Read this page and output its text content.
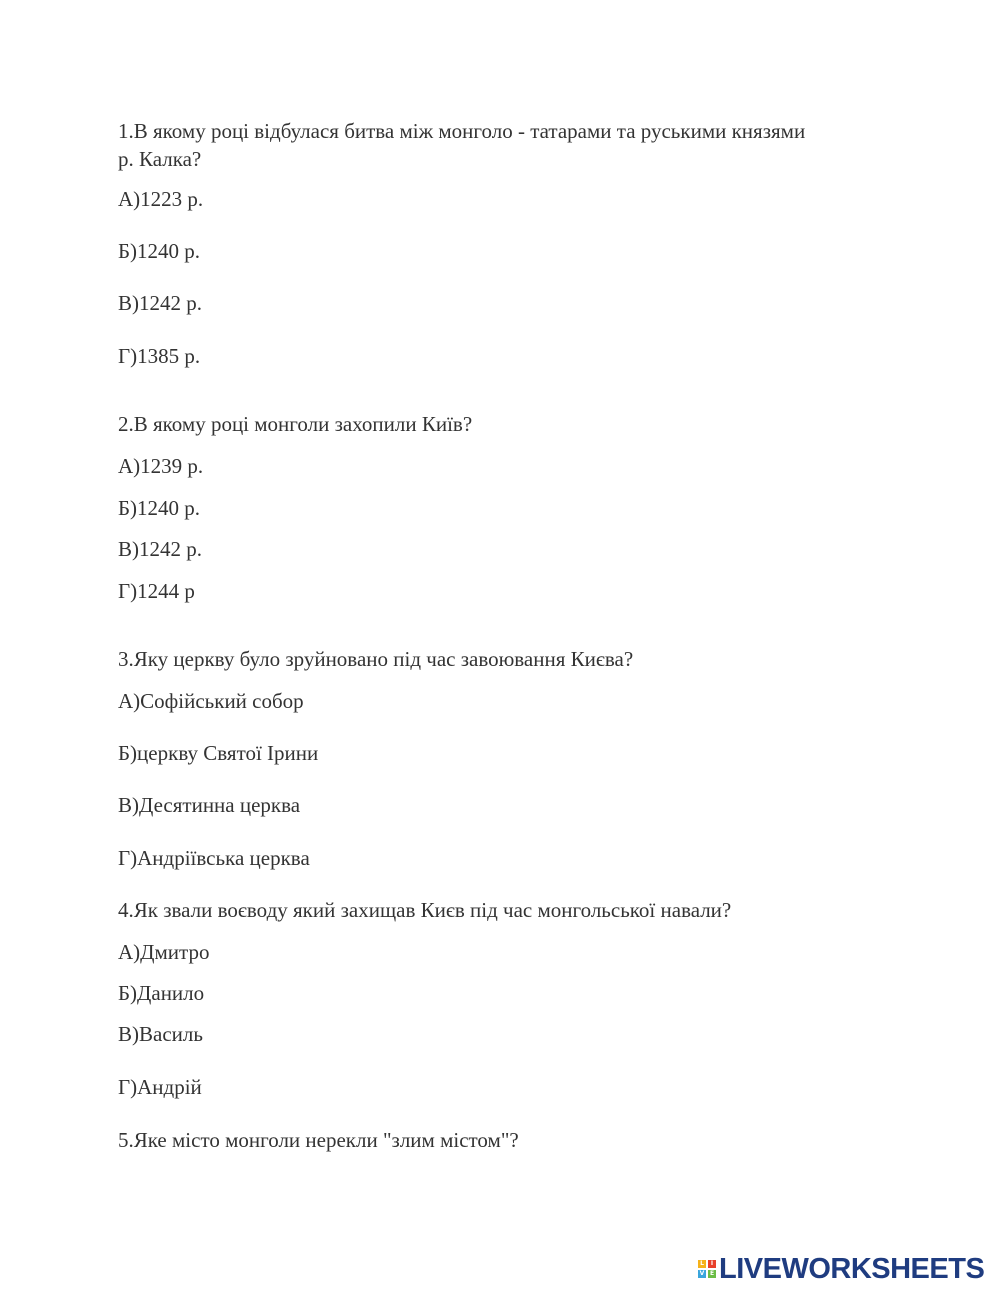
1.В якому році відбулася битва між монголо - татарами та руськими князями
р. Калка?
А)1223 р.
Б)1240 р.
В)1242 р.
Г)1385 р.
2.В якому році монголи захопили Київ?
А)1239 р.
Б)1240 р.
В)1242 р.
Г)1244 р
3.Яку церкву було зруйновано під час завоювання Києва?
А)Софійський собор
Б)церкву Святої Ірини
В)Десятинна церква
Г)Андріївська церква
4.Як звали воєводу який захищав Києв під час монгольської навали?
А)Дмитро
Б)Данило
В)Василь
Г)Андрій
5.Яке місто монголи нерекли "злим містом"?
L	I
V E LIVEWORKSHEETS
